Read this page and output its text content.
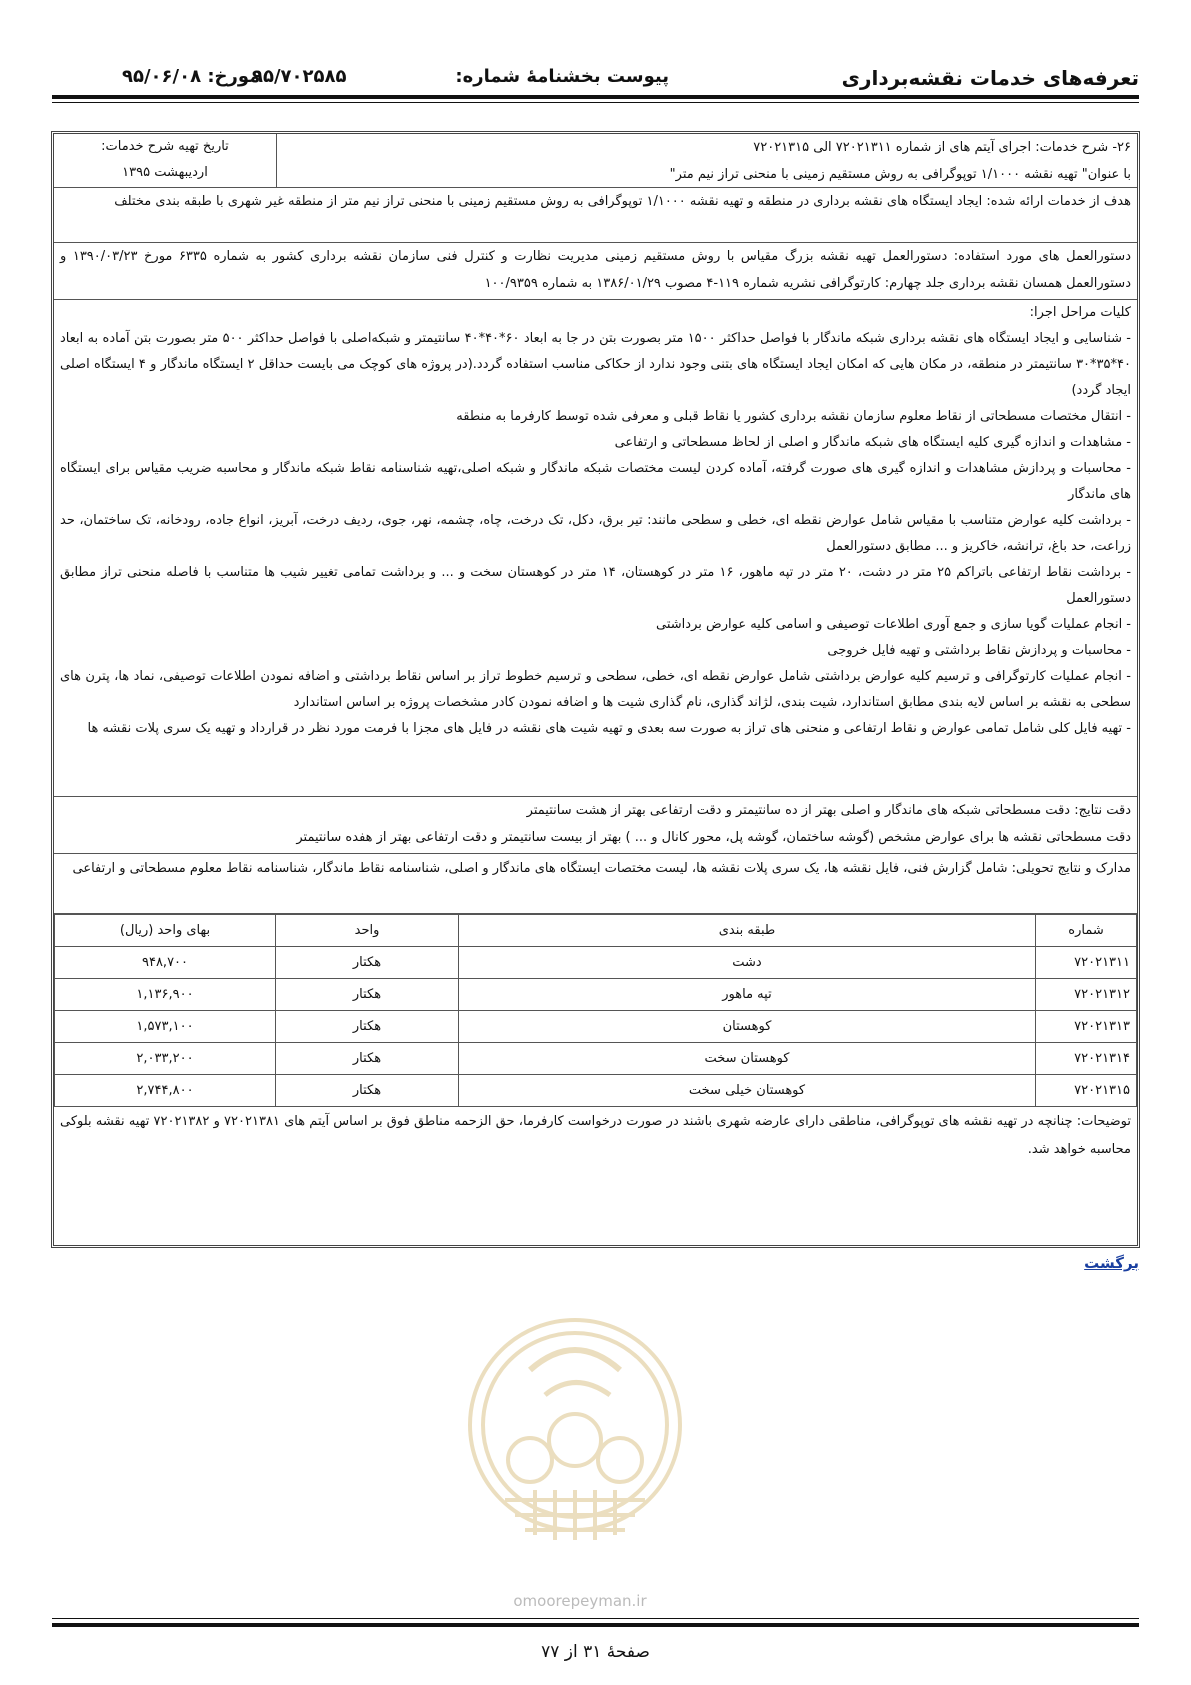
تعرفه‌های خدمات نقشه‌برداری
پیوست بخشنامهٔ شماره:
۹۵/۷۰۲۵۸۵
مورخ: ۹۵/۰۶/۰۸

۲۶- شرح خدمات: اجرای آیتم های از شماره ۷۲۰۲۱۳۱۱ الی ۷۲۰۲۱۳۱۵

با عنوان" تهیه نقشه ۱/۱۰۰۰ توپوگرافی به روش مستقیم زمینی با منحنی تراز نیم متر"

تاریخ تهیه شرح خدمات:
اردیبهشت ۱۳۹۵

هدف از خدمات ارائه شده: ایجاد ایستگاه های نقشه برداری در منطقه و تهیه نقشه ۱/۱۰۰۰ توپوگرافی به روش مستقیم زمینی با منحنی تراز نیم متر از منطقه غیر شهری با طبقه بندی مختلف

دستورالعمل های مورد استفاده: دستورالعمل تهیه نقشه بزرگ مقیاس با روش مستقیم زمینی مدیریت نظارت و کنترل فنی سازمان نقشه برداری کشور به شماره ۶۳۳۵ مورخ ۱۳۹۰/۰۳/۲۳ و دستورالعمل همسان نقشه برداری جلد چهارم: کارتوگرافی نشریه شماره ۱۱۹-۴ مصوب ۱۳۸۶/۰۱/۲۹ به شماره ۱۰۰/۹۳۵۹

کلیات مراحل اجرا:

- شناسایی و ایجاد ایستگاه های نقشه برداری شبکه ماندگار با فواصل حداکثر ۱۵۰۰ متر بصورت بتن در جا به ابعاد ۶۰*۴۰*۴۰ سانتیمتر و شبکه‌اصلی با فواصل حداکثر ۵۰۰ متر بصورت بتن آماده به ابعاد ۴۰*۳۵*۳۰ سانتیمتر در منطقه، در مکان هایی که امکان ایجاد ایستگاه های بتنی وجود ندارد از حکاکی مناسب استفاده گردد.(در پروژه های کوچک می بایست حداقل ۲ ایستگاه ماندگار و ۴ ایستگاه اصلی ایجاد گردد)

- انتقال مختصات مسطحاتی از نقاط معلوم سازمان نقشه برداری کشور یا نقاط قبلی و معرفی شده توسط کارفرما به منطقه

- مشاهدات و اندازه گیری کلیه ایستگاه های شبکه ماندگار و اصلی از لحاظ مسطحاتی و ارتفاعی

- محاسبات و پردازش مشاهدات و اندازه گیری های صورت گرفته، آماده کردن لیست مختصات شبکه ماندگار و شبکه اصلی،تهیه شناسنامه نقاط شبکه ماندگار و محاسبه ضریب مقیاس برای ایستگاه های ماندگار

- برداشت کلیه عوارض متناسب با مقیاس شامل عوارض نقطه ای، خطی و سطحی مانند: تیر برق، دکل، تک درخت، چاه، چشمه، نهر، جوی، ردیف درخت، آبریز، انواع جاده، رودخانه، تک ساختمان، حد زراعت، حد باغ، ترانشه، خاکریز و ... مطابق دستورالعمل

- برداشت نقاط ارتفاعی باتراکم ۲۵ متر در دشت، ۲۰ متر در تپه ماهور، ۱۶ متر در کوهستان، ۱۴ متر در کوهستان سخت و ... و برداشت تمامی تغییر شیب ها متناسب با فاصله منحنی تراز مطابق دستورالعمل

- انجام عملیات گویا سازی و جمع آوری اطلاعات توصیفی و اسامی کلیه عوارض برداشتی

- محاسبات و پردازش نقاط برداشتی و تهیه فایل خروجی

- انجام عملیات کارتوگرافی و ترسیم کلیه عوارض برداشتی شامل عوارض نقطه ای، خطی، سطحی و ترسیم خطوط تراز بر اساس نقاط برداشتی و اضافه نمودن اطلاعات توصیفی، نماد ها، پترن های سطحی به نقشه بر اساس لایه بندی مطابق استاندارد، شیت بندی، لژاند گذاری، نام گذاری شیت ها و اضافه نمودن کادر مشخصات پروژه بر اساس استاندارد

- تهیه فایل کلی شامل تمامی عوارض و نقاط ارتفاعی و منحنی های تراز به صورت سه بعدی و تهیه شیت های نقشه در فایل های مجزا با فرمت مورد نظر در قرارداد و تهیه یک سری پلات نقشه ها

دقت نتایج: دقت مسطحاتی شبکه های ماندگار و اصلی بهتر از ده سانتیمتر و دقت ارتفاعی بهتر از هشت سانتیمتر

دقت مسطحاتی نقشه ها برای عوارض مشخص (گوشه ساختمان، گوشه پل، محور کانال و ... ) بهتر از بیست سانتیمتر و دقت ارتفاعی بهتر از هفده سانتیمتر

مدارک و نتایج تحویلی: شامل گزارش فنی، فایل نقشه ها، یک سری پلات نقشه ها، لیست مختصات ایستگاه های ماندگار و اصلی، شناسنامه نقاط ماندگار، شناسنامه نقاط معلوم مسطحاتی و ارتفاعی

شماره	طبقه بندی	واحد	بهای واحد (ریال)
۷۲۰۲۱۳۱۱	دشت	هکتار	۹۴۸,۷۰۰
۷۲۰۲۱۳۱۲	تپه ماهور	هکتار	۱,۱۳۶,۹۰۰
۷۲۰۲۱۳۱۳	کوهستان	هکتار	۱,۵۷۳,۱۰۰
۷۲۰۲۱۳۱۴	کوهستان سخت	هکتار	۲,۰۳۳,۲۰۰
۷۲۰۲۱۳۱۵	کوهستان خیلی سخت	هکتار	۲,۷۴۴,۸۰۰

توضیحات: چنانچه در تهیه نقشه های توپوگرافی، مناطقی دارای عارضه شهری باشند در صورت درخواست کارفرما، حق الزحمه مناطق فوق بر اساس آیتم های ۷۲۰۲۱۳۸۱ و ۷۲۰۲۱۳۸۲ تهیه نقشه بلوکی محاسبه خواهد شد.

برگشت
omoorepeyman.ir
صفحهٔ ۳۱ از ۷۷
